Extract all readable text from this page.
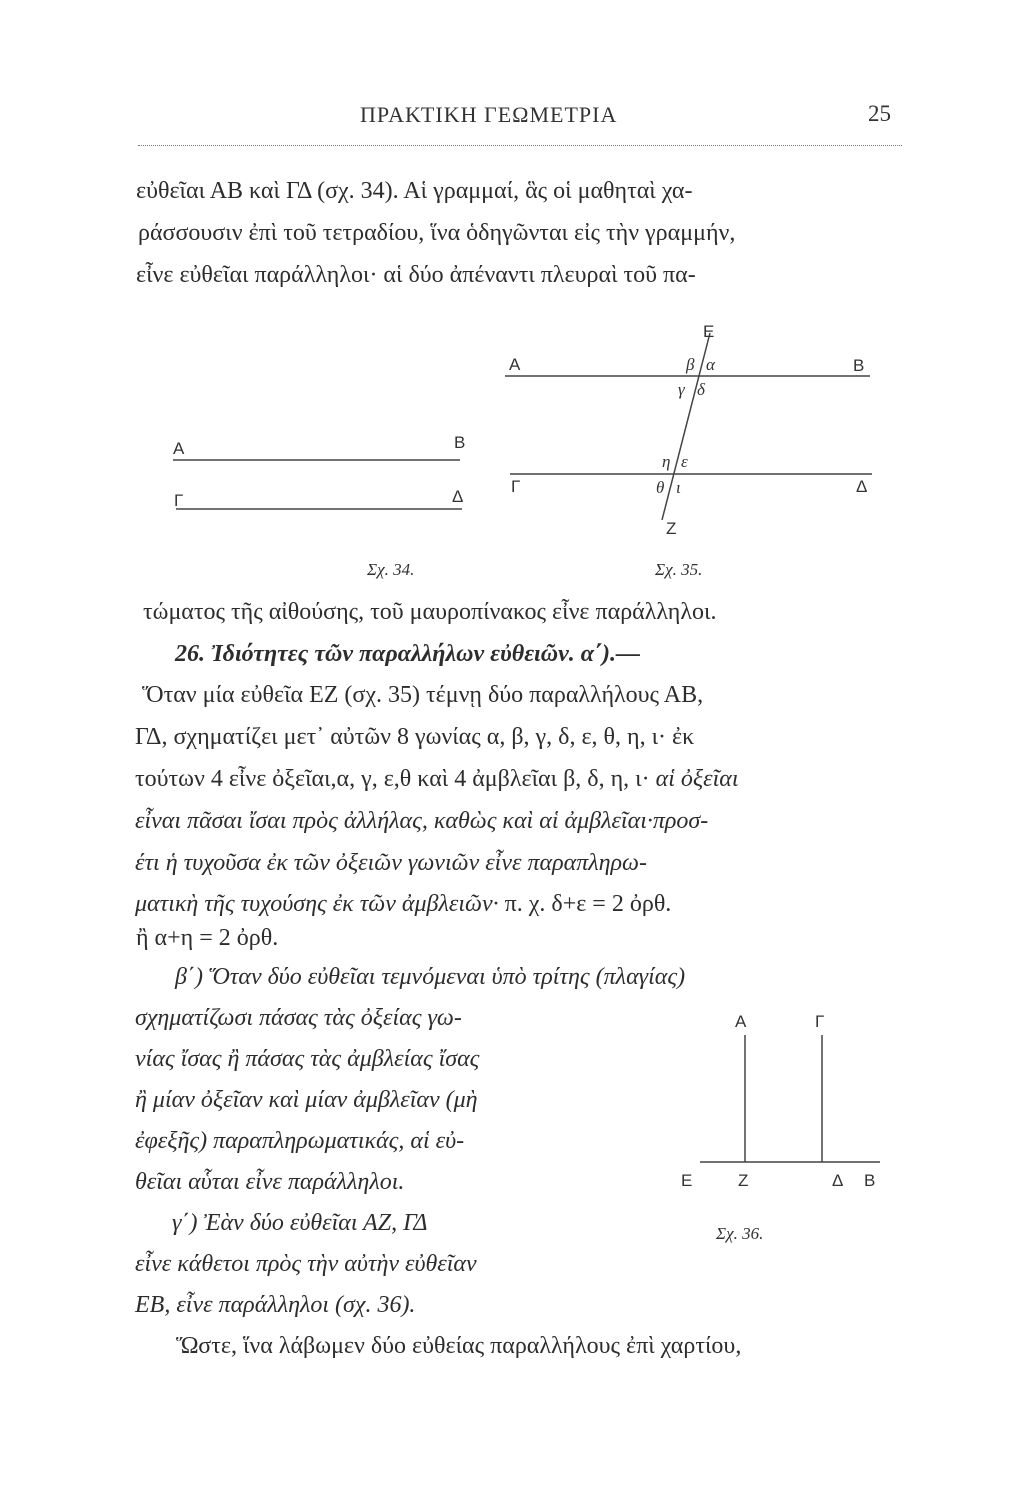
ΠΡΑΚΤΙΚΗ ΓΕΩΜΕΤΡΙΑ	25
εὐθεῖαι ΑΒ καὶ ΓΔ (σχ. 34). Αἱ γραμμαί, ἃς οἱ μαθηταὶ χα-
ράσσουσιν ἐπὶ τοῦ τετραδίου, ἵνα ὁδηγῶνται εἰς τὴν γραμμήν,
εἶνε εὐθεῖαι παράλληλοι· αἱ δύο ἀπέναντι πλευραὶ τοῦ πα-
Α	Β
Γ	Δ
Α	Β
Γ	Δ
Ε
Ζ
β α
γ δ
η ε
θ ι
Α	Γ
Ε	Ζ	Δ Β
Σχ. 34.	Σχ. 35.
τώματος τῆς αἰθούσης, τοῦ μαυροπίνακος εἶνε παράλληλοι.
26. Ἰδιότητες τῶν παραλλήλων εὐθειῶν. α΄).—
Ὅταν μία εὐθεῖα ΕΖ (σχ. 35) τέμνῃ δύο παραλλήλους ΑΒ,
ΓΔ, σχηματίζει μετ᾽ αὐτῶν 8 γωνίας α, β, γ, δ, ε, θ, η, ι· ἐκ
τούτων 4 εἶνε ὀξεῖαι,α, γ, ε,θ καὶ 4 ἀμβλεῖαι β, δ, η, ι· αἱ ὀξεῖαι
εἶναι πᾶσαι ἴσαι πρὸς ἀλλήλας, καθὼς καὶ αἱ ἀμβλεῖαι·προσ-
έτι ἡ τυχοῦσα ἐκ τῶν ὀξειῶν γωνιῶν εἶνε παραπληρω-
ματικὴ τῆς τυχούσης ἐκ τῶν ἀμβλειῶν· π. χ. δ+ε = 2 ὀρθ.
ἢ α+η = 2 ὀρθ.
β΄) Ὅταν δύο εὐθεῖαι τεμνόμεναι ὑπὸ τρίτης (πλαγίας)
σχηματίζωσι πάσας τὰς ὀξείας γω-
νίας ἴσας ἢ πάσας τὰς ἀμβλείας ἴσας
ἢ μίαν ὀξεῖαν καὶ μίαν ἀμβλεῖαν (μὴ
ἐφεξῆς) παραπληρωματικάς, αἱ εὐ-
θεῖαι αὗται εἶνε παράλληλοι.
γ΄) Ἐὰν δύο εὐθεῖαι ΑΖ, ΓΔ	Σχ. 36.
εἶνε κάθετοι πρὸς τὴν αὐτὴν εὐθεῖαν
ΕΒ, εἶνε παράλληλοι (σχ. 36).
Ὥστε, ἵνα λάβωμεν δύο εὐθείας παραλλήλους ἐπὶ χαρτίου,
